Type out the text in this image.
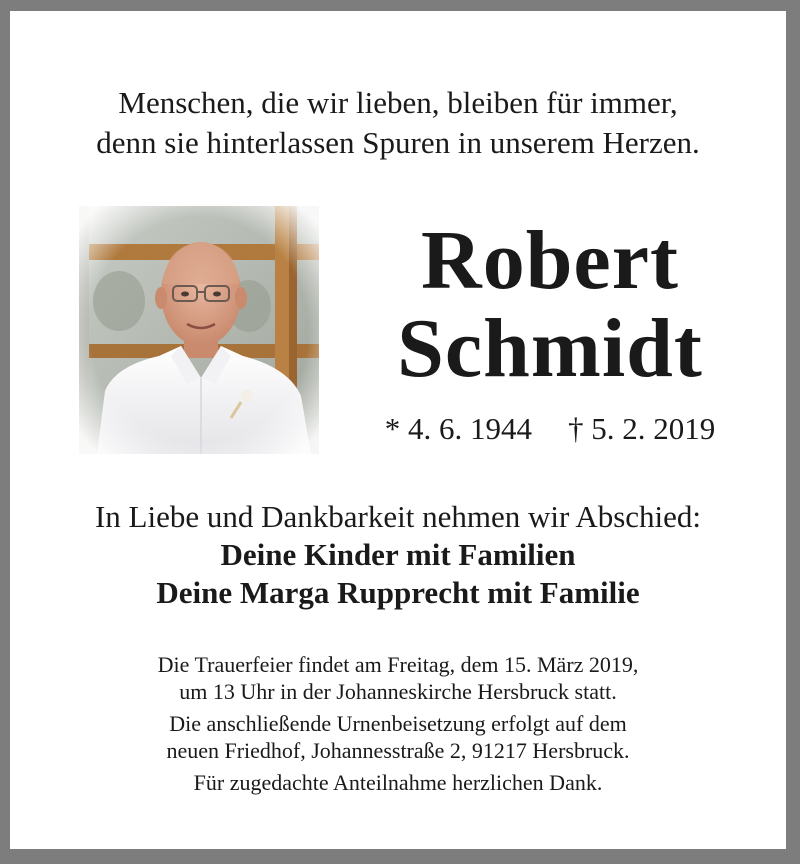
Menschen, die wir lieben, bleiben für immer,
denn sie hinterlassen Spuren in unserem Herzen.
Robert
Schmidt
* 4. 6. 1944 † 5. 2. 2019
In Liebe und Dankbarkeit nehmen wir Abschied:
Deine Kinder mit Familien
Deine Marga Rupprecht mit Familie

Die Trauerfeier findet am Freitag, dem 15. März 2019,
um 13 Uhr in der Johanneskirche Hersbruck statt.

Die anschließende Urnenbeisetzung erfolgt auf dem
neuen Friedhof, Johannesstraße 2, 91217 Hersbruck.

Für zugedachte Anteilnahme herzlichen Dank.
